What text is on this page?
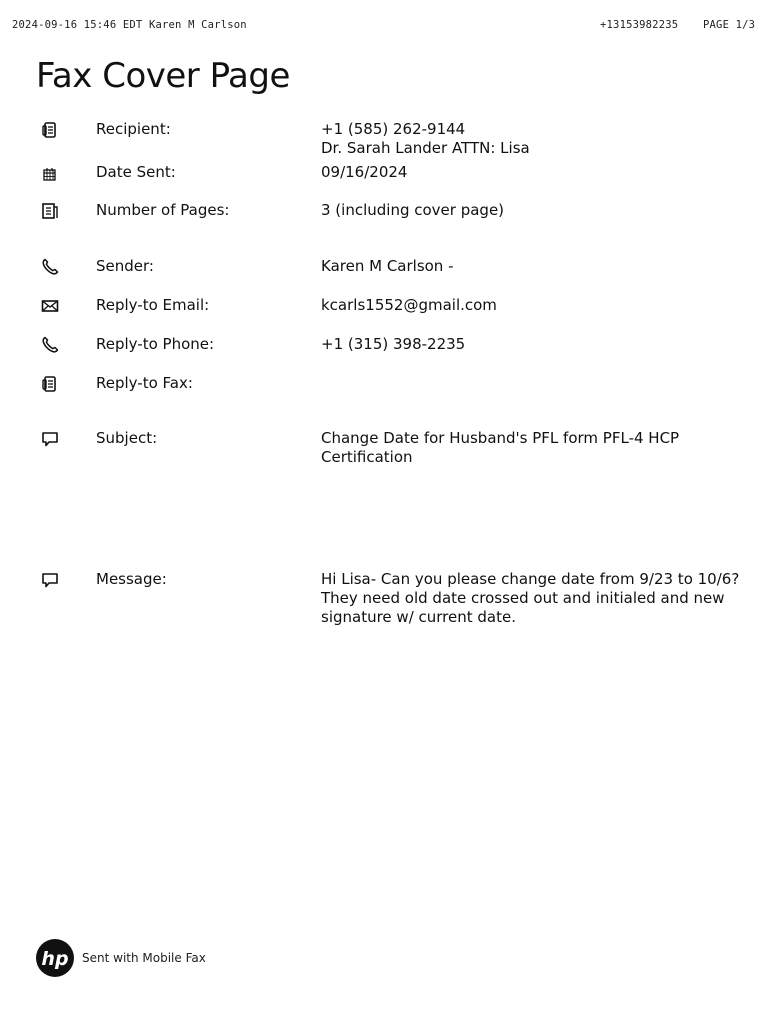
2024-09-16 15:46 EDT Karen M Carlson	+13153982235 PAGE 1/3
Fax Cover Page
Recipient:	+1 (585) 262-9144
Dr. Sarah Lander ATTN: Lisa
Date Sent:	09/16/2024
Number of Pages:	3 (including cover page)
Sender:	Karen M Carlson -
Reply-to Email:	kcarls1552@gmail.com
Reply-to Phone:	+1 (315) 398-2235
Reply-to Fax:
Subject:	Change Date for Husband's PFL form PFL-4 HCP Certification
Message:	Hi Lisa- Can you please change date from 9/23 to 10/6? They need old date crossed out and initialed and new signature w/ current date.
hp Sent with Mobile Fax
